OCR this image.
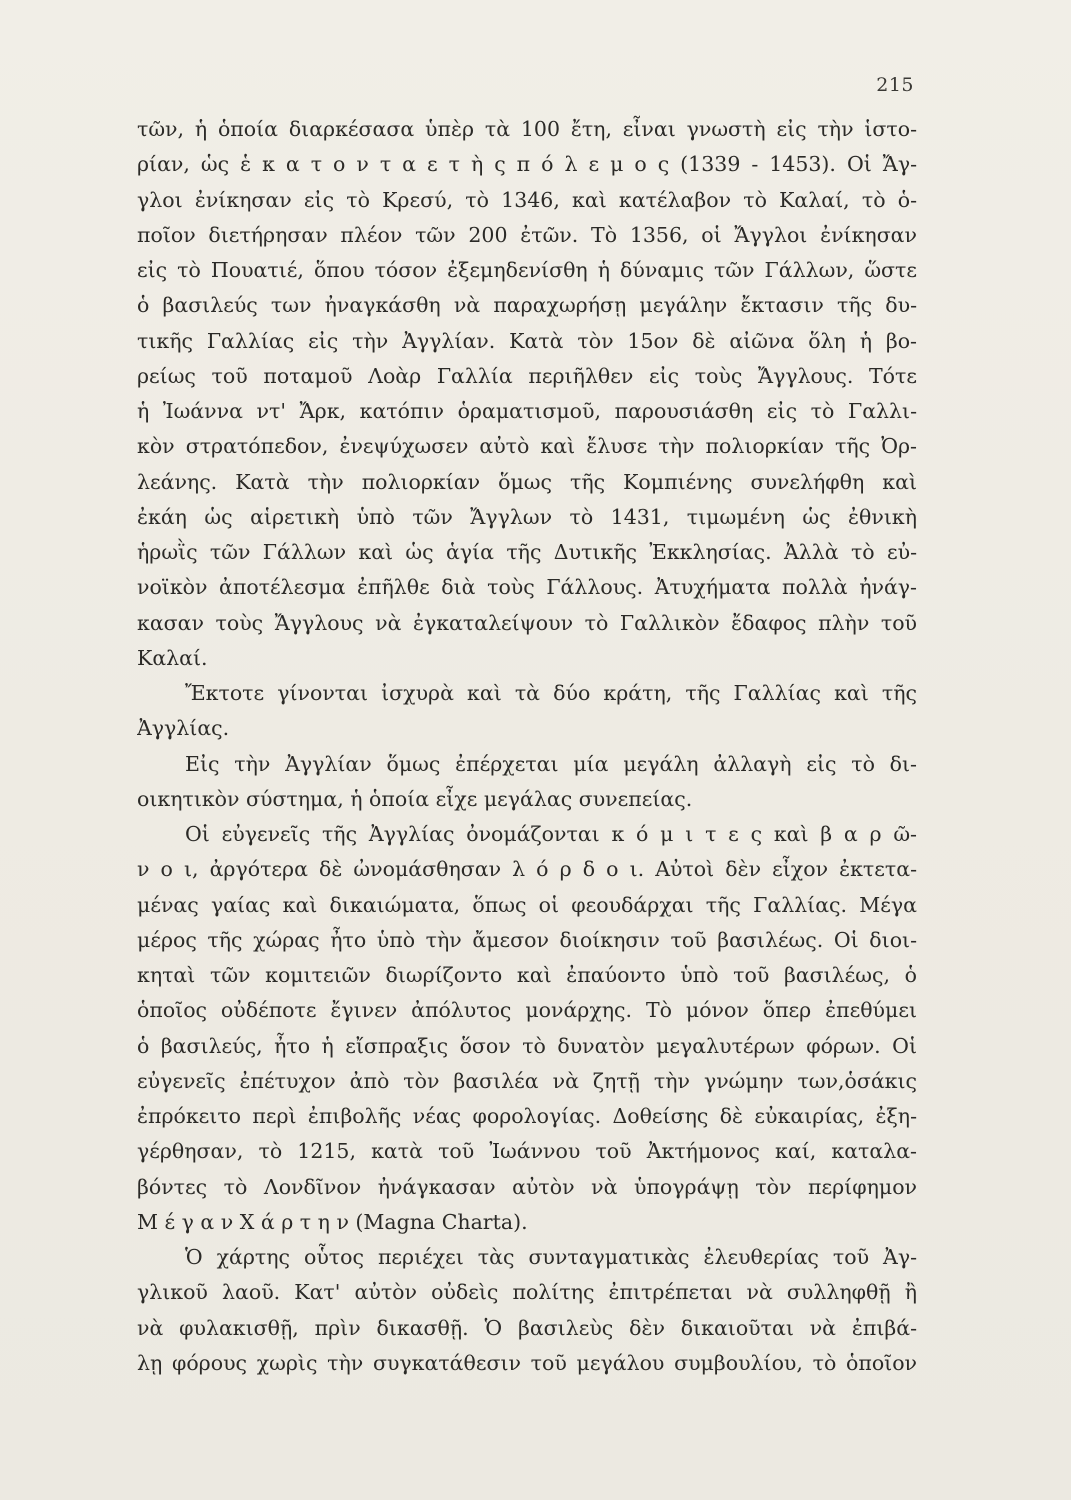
215
τῶν, ἡ ὁποία διαρκέσασα ὑπὲρ τὰ 100 ἔτη, εἶναι γνωστὴ εἰς τὴν ἱστο-
ρίαν, ὡς ἑ κ α τ ο ν τ α ε τ ὴ ς π ό λ ε μ ο ς (1339 - 1453). Οἱ Ἄγ-
γλοι ἐνίκησαν εἰς τὸ Κρεσύ, τὸ 1346, καὶ κατέλαβον τὸ Καλαί, τὸ ὁ-
ποῖον διετήρησαν πλέον τῶν 200 ἐτῶν. Τὸ 1356, οἱ Ἄγγλοι ἐνίκησαν
εἰς τὸ Πουατιέ, ὅπου τόσον ἐξεμηδενίσθη ἡ δύναμις τῶν Γάλλων, ὥστε
ὁ βασιλεύς των ἠναγκάσθη νὰ παραχωρήσῃ μεγάλην ἔκτασιν τῆς δυ-
τικῆς Γαλλίας εἰς τὴν Ἀγγλίαν. Κατὰ τὸν 15ον δὲ αἰῶνα ὅλη ἡ βο-
ρείως τοῦ ποταμοῦ Λοὰρ Γαλλία περιῆλθεν εἰς τοὺς Ἄγγλους. Τότε
ἡ Ἰωάννα ντ' Ἄρκ, κατόπιν ὁραματισμοῦ, παρουσιάσθη εἰς τὸ Γαλλι-
κὸν στρατόπεδον, ἐνεψύχωσεν αὐτὸ καὶ ἔλυσε τὴν πολιορκίαν τῆς Ὀρ-
λεάνης. Κατὰ τὴν πολιορκίαν ὅμως τῆς Κομπιένης συνελήφθη καὶ
ἐκάη ὡς αἱρετικὴ ὑπὸ τῶν Ἄγγλων τὸ 1431, τιμωμένη ὡς ἐθνικὴ
ἡρωῒς τῶν Γάλλων καὶ ὡς ἁγία τῆς Δυτικῆς Ἐκκλησίας. Ἀλλὰ τὸ εὐ-
νοϊκὸν ἀποτέλεσμα ἐπῆλθε διὰ τοὺς Γάλλους. Ἀτυχήματα πολλὰ ἠνάγ-
κασαν τοὺς Ἄγγλους νὰ ἐγκαταλείψουν τὸ Γαλλικὸν ἔδαφος πλὴν τοῦ
Καλαί.
Ἔκτοτε γίνονται ἰσχυρὰ καὶ τὰ δύο κράτη, τῆς Γαλλίας καὶ τῆς
Ἀγγλίας.
Εἰς τὴν Ἀγγλίαν ὅμως ἐπέρχεται μία μεγάλη ἀλλαγὴ εἰς τὸ δι-
οικητικὸν σύστημα, ἡ ὁποία εἶχε μεγάλας συνεπείας.
Οἱ εὐγενεῖς τῆς Ἀγγλίας ὀνομάζονται κ ό μ ι τ ε ς καὶ β α ρ ῶ-
ν ο ι, ἀργότερα δὲ ὠνομάσθησαν λ ό ρ δ ο ι. Αὐτοὶ δὲν εἶχον ἐκτετα-
μένας γαίας καὶ δικαιώματα, ὅπως οἱ φεουδάρχαι τῆς Γαλλίας. Μέγα
μέρος τῆς χώρας ἦτο ὑπὸ τὴν ἄμεσον διοίκησιν τοῦ βασιλέως. Οἱ διοι-
κηταὶ τῶν κομιτειῶν διωρίζοντο καὶ ἐπαύοντο ὑπὸ τοῦ βασιλέως, ὁ
ὁποῖος οὐδέποτε ἔγινεν ἀπόλυτος μονάρχης. Τὸ μόνον ὅπερ ἐπεθύμει
ὁ βασιλεύς, ἦτο ἡ εἴσπραξις ὅσον τὸ δυνατὸν μεγαλυτέρων φόρων. Οἱ
εὐγενεῖς ἐπέτυχον ἀπὸ τὸν βασιλέα νὰ ζητῇ τὴν γνώμην των,ὁσάκις
ἐπρόκειτο περὶ ἐπιβολῆς νέας φορολογίας. Δοθείσης δὲ εὐκαιρίας, ἐξη-
γέρθησαν, τὸ 1215, κατὰ τοῦ Ἰωάννου τοῦ Ἀκτήμονος καί, καταλα-
βόντες τὸ Λονδῖνον ἠνάγκασαν αὐτὸν νὰ ὑπογράψῃ τὸν περίφημον
Μ έ γ α ν Χ ά ρ τ η ν (Magna Charta).
Ὁ χάρτης οὗτος περιέχει τὰς συνταγματικὰς ἐλευθερίας τοῦ Ἀγ-
γλικοῦ λαοῦ. Κατ' αὐτὸν οὐδεὶς πολίτης ἐπιτρέπεται νὰ συλληφθῇ ἢ
νὰ φυλακισθῇ, πρὶν δικασθῇ. Ὁ βασιλεὺς δὲν δικαιοῦται νὰ ἐπιβά-
λῃ φόρους χωρὶς τὴν συγκατάθεσιν τοῦ μεγάλου συμβουλίου, τὸ ὁποῖον
